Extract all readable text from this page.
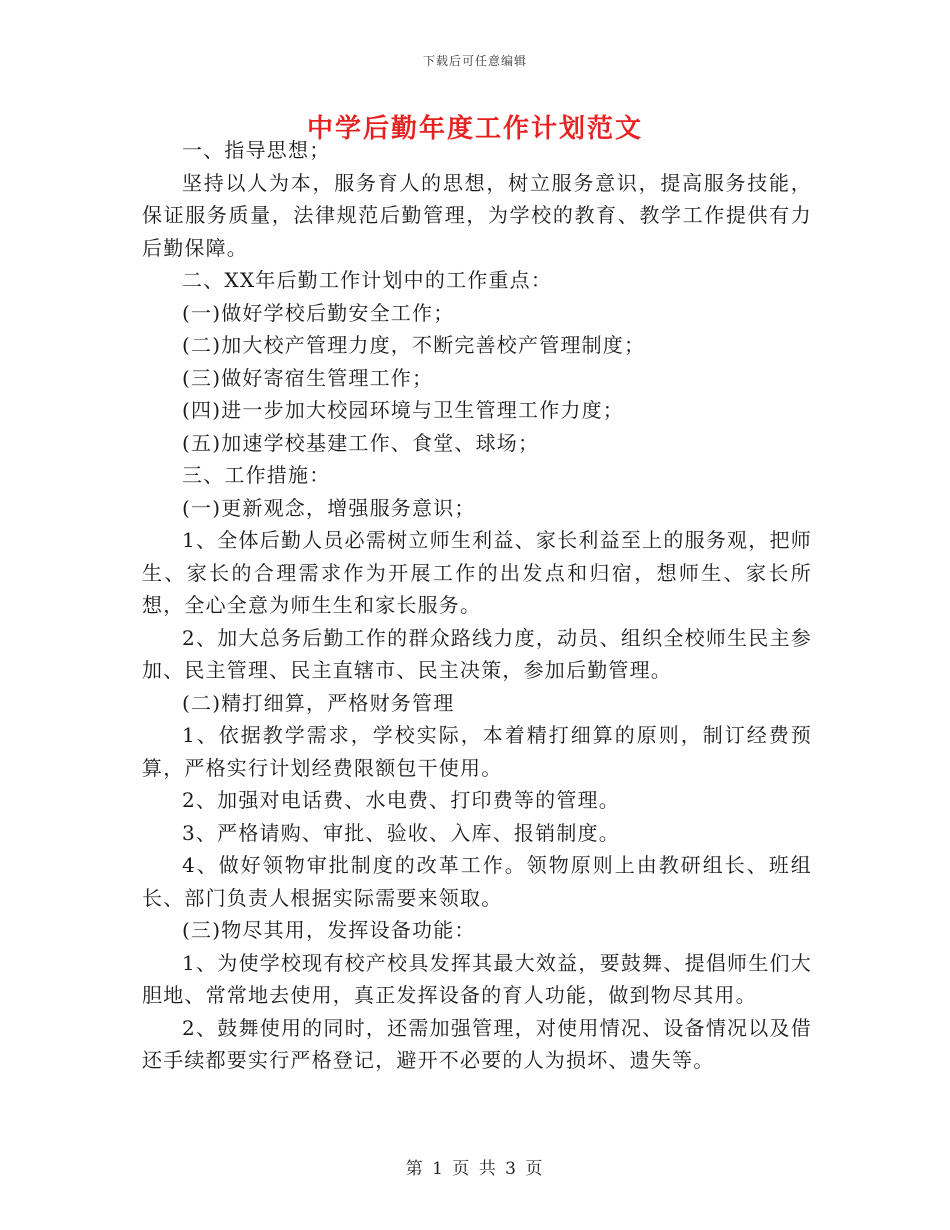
下载后可任意编辑
中学后勤年度工作计划范文

一、指导思想；

坚持以人为本，服务育人的思想，树立服务意识，提高服务技能，保证服务质量，法律规范后勤管理，为学校的教育、教学工作提供有力后勤保障。

二、XX年后勤工作计划中的工作重点：

(一)做好学校后勤安全工作；

(二)加大校产管理力度，不断完善校产管理制度；

(三)做好寄宿生管理工作；

(四)进一步加大校园环境与卫生管理工作力度；

(五)加速学校基建工作、食堂、球场；

三、工作措施：

(一)更新观念，增强服务意识；

1、全体后勤人员必需树立师生利益、家长利益至上的服务观，把师生、家长的合理需求作为开展工作的出发点和归宿，想师生、家长所想，全心全意为师生生和家长服务。

2、加大总务后勤工作的群众路线力度，动员、组织全校师生民主参加、民主管理、民主直辖市、民主决策，参加后勤管理。

(二)精打细算，严格财务管理

1、依据教学需求，学校实际，本着精打细算的原则，制订经费预算，严格实行计划经费限额包干使用。

2、加强对电话费、水电费、打印费等的管理。

3、严格请购、审批、验收、入库、报销制度。

4、做好领物审批制度的改革工作。领物原则上由教研组长、班组长、部门负责人根据实际需要来领取。

(三)物尽其用，发挥设备功能：

1、为使学校现有校产校具发挥其最大效益，要鼓舞、提倡师生们大胆地、常常地去使用，真正发挥设备的育人功能，做到物尽其用。

2、鼓舞使用的同时，还需加强管理，对使用情况、设备情况以及借还手续都要实行严格登记，避开不必要的人为损坏、遗失等。

第 1 页 共 3 页
